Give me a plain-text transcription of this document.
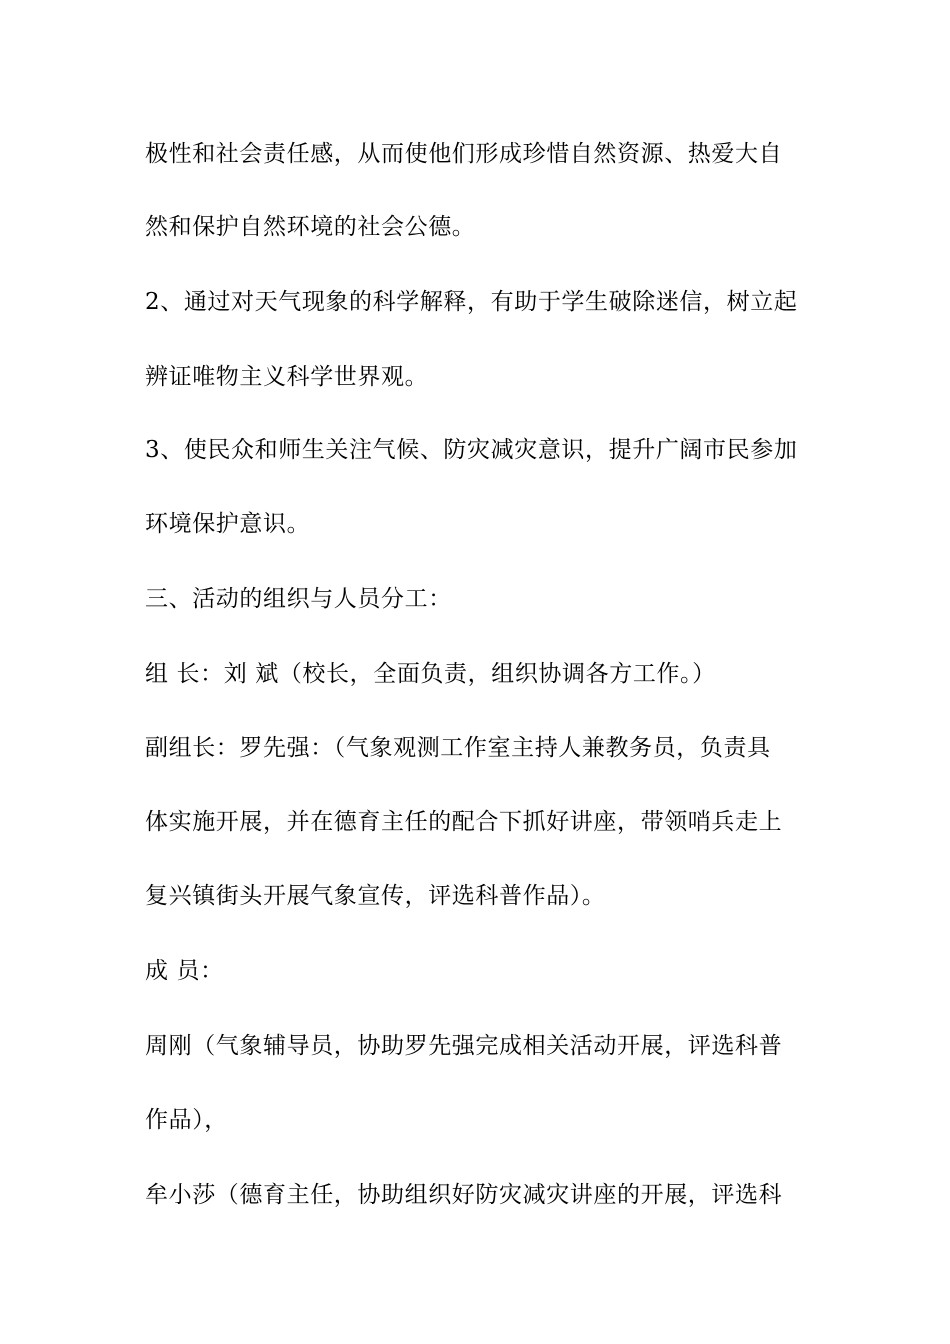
极性和社会责任感，从而使他们形成珍惜自然资源、热爱大自
然和保护自然环境的社会公德。
2、通过对天气现象的科学解释，有助于学生破除迷信，树立起
辨证唯物主义科学世界观。
3、使民众和师生关注气候、防灾减灾意识，提升广阔市民参加
环境保护意识。
三、活动的组织与人员分工：
组 长：刘 斌（校长，全面负责，组织协调各方工作。）
副组长：罗先强：（气象观测工作室主持人兼教务员，负责具
体实施开展，并在德育主任的配合下抓好讲座，带领哨兵走上
复兴镇街头开展气象宣传，评选科普作品）。
成 员：
周刚（气象辅导员，协助罗先强完成相关活动开展，评选科普
作品），
牟小莎（德育主任，协助组织好防灾减灾讲座的开展，评选科
